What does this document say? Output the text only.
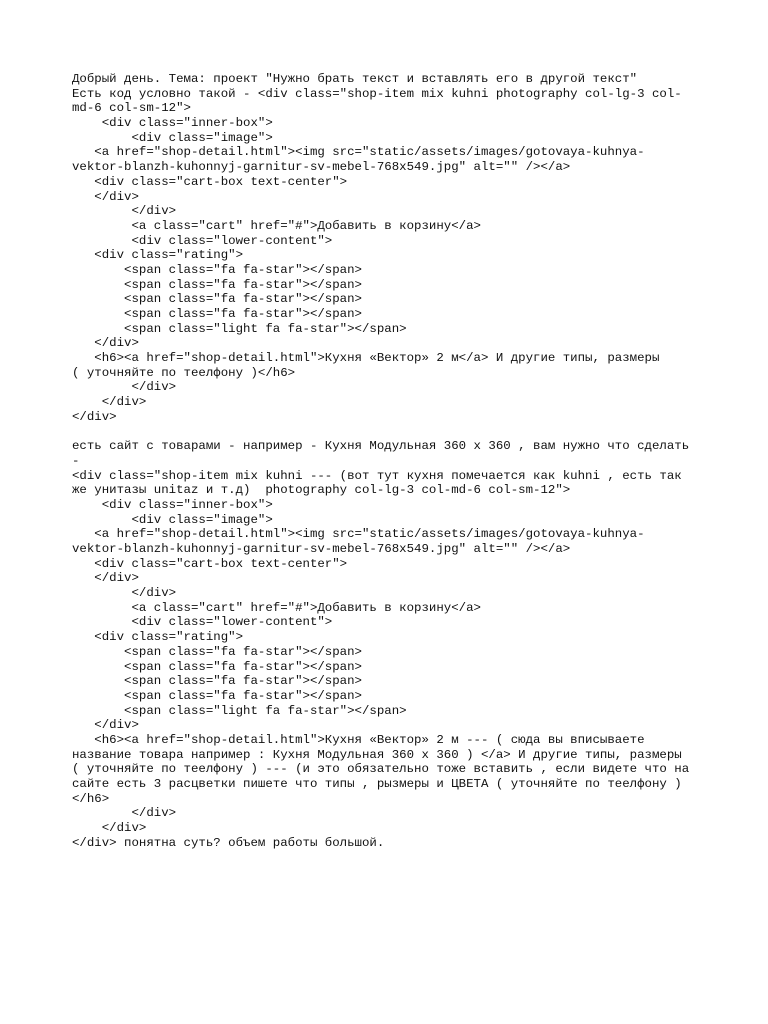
Добрый день. Тема: проект "Нужно брать текст и вставлять его в другой текст"
Есть код условно такой - <div class="shop-item mix kuhni photography col-lg-3 col-
md-6 col-sm-12">
<div class="inner-box">
<div class="image">
<a href="shop-detail.html"><img src="static/assets/images/gotovaya-kuhnya-
vektor-blanzh-kuhonnyj-garnitur-sv-mebel-768x549.jpg" alt="" /></a>
<div class="cart-box text-center">
</div>
</div>
<a class="cart" href="#">Добавить в корзину</a>
<div class="lower-content">
<div class="rating">
<span class="fa fa-star"></span>
<span class="fa fa-star"></span>
<span class="fa fa-star"></span>
<span class="fa fa-star"></span>
<span class="light fa fa-star"></span>
</div>
<h6><a href="shop-detail.html">Кухня «Вектор» 2 м</a> И другие типы, размеры
( уточняйте по теелфону )</h6>
</div>
</div>
</div>
есть сайт с товарами - например - Кухня Модульная 360 х 360 , вам нужно что сделать
-
<div class="shop-item mix kuhni --- (вот тут кухня помечается как kuhni , есть так
же унитазы unitaz и т.д)  photography col-lg-3 col-md-6 col-sm-12">
<div class="inner-box">
<div class="image">
<a href="shop-detail.html"><img src="static/assets/images/gotovaya-kuhnya-
vektor-blanzh-kuhonnyj-garnitur-sv-mebel-768x549.jpg" alt="" /></a>
<div class="cart-box text-center">
</div>
</div>
<a class="cart" href="#">Добавить в корзину</a>
<div class="lower-content">
<div class="rating">
<span class="fa fa-star"></span>
<span class="fa fa-star"></span>
<span class="fa fa-star"></span>
<span class="fa fa-star"></span>
<span class="light fa fa-star"></span>
</div>
<h6><a href="shop-detail.html">Кухня «Вектор» 2 м --- ( сюда вы вписываете
название товара например : Кухня Модульная 360 х 360 ) </a> И другие типы, размеры
( уточняйте по теелфону ) --- (и это обязательно тоже вставить , если видете что на
сайте есть 3 расцветки пишете что типы , рызмеры и ЦВЕТА ( уточняйте по теелфону )
</h6>
</div>
</div>
</div> понятна суть? объем работы большой.
